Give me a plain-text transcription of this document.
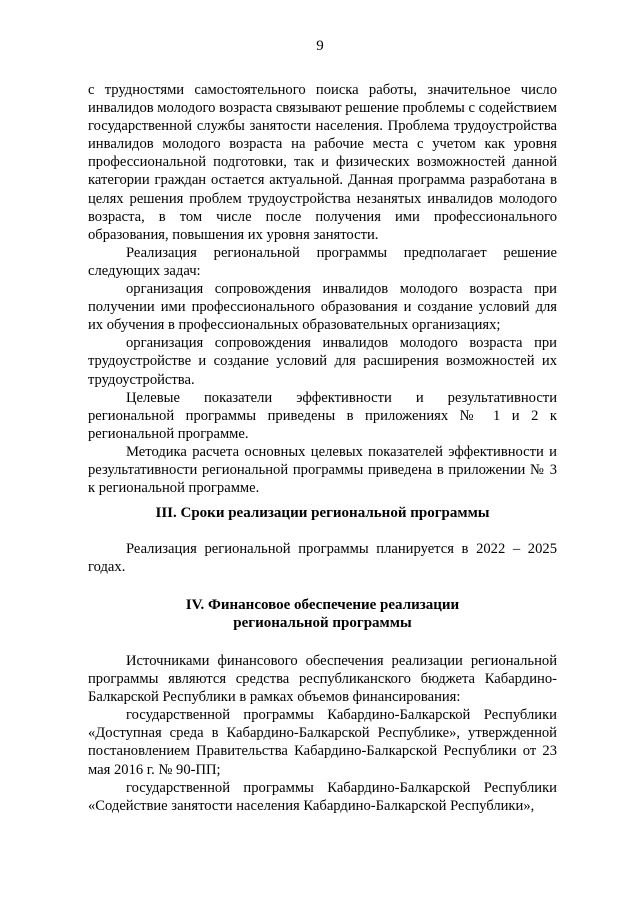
9

с трудностями самостоятельного поиска работы, значительное число инвалидов молодого возраста связывают решение проблемы с содействием государственной службы занятости населения. Проблема трудоустройства инвалидов молодого возраста на рабочие места с учетом как уровня профессиональной подготовки, так и физических возможностей данной категории граждан остается актуальной. Данная программа разработана в целях решения проблем трудоустройства незанятых инвалидов молодого возраста, в том числе после получения ими профессионального образования, повышения их уровня занятости.

Реализация региональной программы предполагает решение следующих задач:

организация сопровождения инвалидов молодого возраста при получении ими профессионального образования и создание условий для их обучения в профессиональных образовательных организациях;

организация сопровождения инвалидов молодого возраста при трудоустройстве и создание условий для расширения возможностей их трудоустройства.

Целевые показатели эффективности и результативности региональной программы приведены в приложениях № 1 и 2 к региональной программе.

Методика расчета основных целевых показателей эффективности и результативности региональной программы приведена в приложении № 3 к региональной программе.

III. Сроки реализации региональной программы

Реализация региональной программы планируется в 2022 – 2025 годах.

IV. Финансовое обеспечение реализации
региональной программы

Источниками финансового обеспечения реализации региональной программы являются средства республиканского бюджета Кабардино-Балкарской Республики в рамках объемов финансирования:

государственной программы Кабардино-Балкарской Республики «Доступная среда в Кабардино-Балкарской Республике», утвержденной постановлением Правительства Кабардино-Балкарской Республики от 23 мая 2016 г. № 90-ПП;

государственной программы Кабардино-Балкарской Республики «Содействие занятости населения Кабардино-Балкарской Республики»,
